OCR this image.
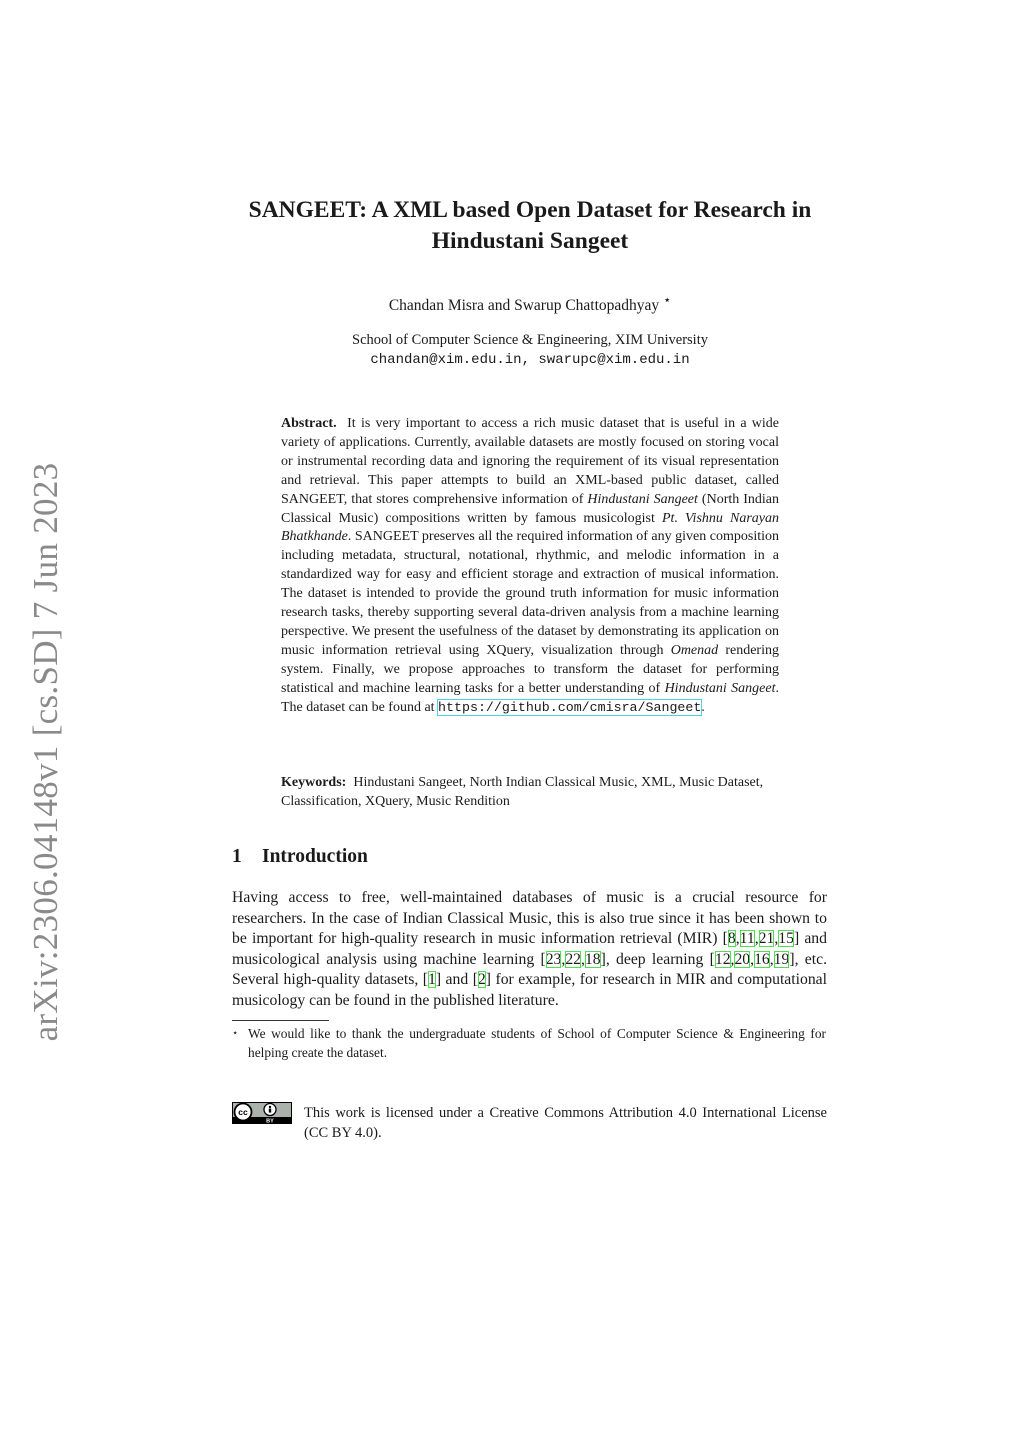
arXiv:2306.04148v1 [cs.SD] 7 Jun 2023
SANGEET: A XML based Open Dataset for Research in
Hindustani Sangeet
Chandan Misra and Swarup Chattopadhyay ⋆
School of Computer Science & Engineering, XIM University
chandan@xim.edu.in, swarupc@xim.edu.in
Abstract. It is very important to access a rich music dataset that is useful in a wide variety of applications. Currently, available datasets are mostly focused on storing vocal or instrumental recording data and ignoring the requirement of its visual representation and retrieval. This paper attempts to build an XML-based public dataset, called SANGEET, that stores comprehensive information of Hindustani Sangeet (North Indian Classical Music) compositions written by famous musicologist Pt. Vishnu Narayan Bhatkhande. SANGEET preserves all the required information of any given composition including metadata, structural, notational, rhythmic, and melodic information in a standardized way for easy and efficient storage and extraction of musical information. The dataset is intended to provide the ground truth information for music information research tasks, thereby supporting several data-driven analysis from a machine learning perspective. We present the usefulness of the dataset by demonstrating its application on music information retrieval using XQuery, visualization through Omenad rendering system. Finally, we propose approaches to transform the dataset for performing statistical and machine learning tasks for a better understanding of Hindustani Sangeet. The dataset can be found at https://github.com/cmisra/Sangeet.
Keywords: Hindustani Sangeet, North Indian Classical Music, XML, Music Dataset, Classification, XQuery, Music Rendition
1 Introduction
Having access to free, well-maintained databases of music is a crucial resource for researchers. In the case of Indian Classical Music, this is also true since it has been shown to be important for high-quality research in music information retrieval (MIR) [8,11,21,15] and musicological analysis using machine learning [23,22,18], deep learning [12,20,16,19], etc. Several high-quality datasets, [1] and [2] for example, for research in MIR and computational musicology can be found in the published literature.
⋆ We would like to thank the undergraduate students of School of Computer Science & Engineering for helping create the dataset.
cc
BY
This work is licensed under a Creative Commons Attribution 4.0 International License (CC BY 4.0).
